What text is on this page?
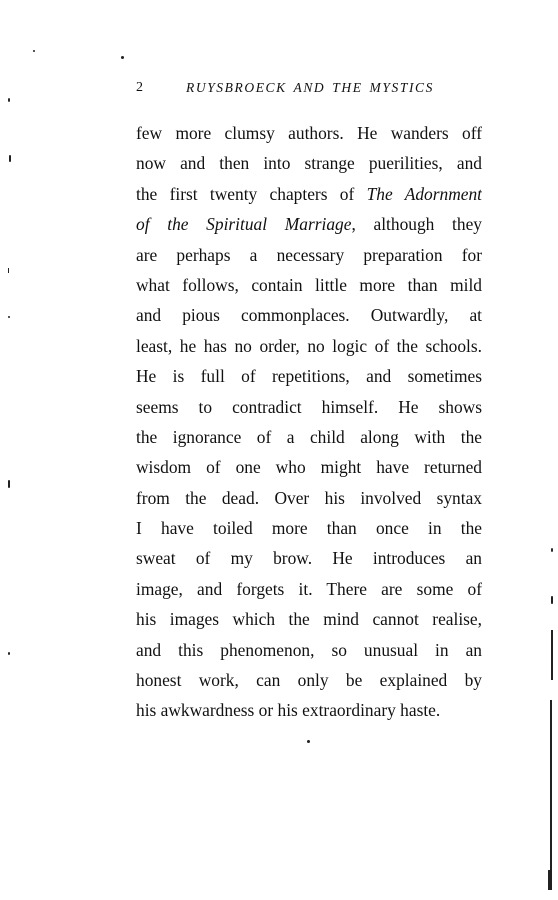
2	RUYSBROECK AND THE MYSTICS
few more clumsy authors. He wanders off
now and then into strange puerilities, and
the first twenty chapters of The Adornment
of the Spiritual Marriage, although they
are perhaps a necessary preparation for
what follows, contain little more than mild
and pious commonplaces. Outwardly, at
least, he has no order, no logic of the schools.
He is full of repetitions, and sometimes
seems to contradict himself. He shows
the ignorance of a child along with the
wisdom of one who might have returned
from the dead. Over his involved syntax
I have toiled more than once in the
sweat of my brow. He introduces an
image, and forgets it. There are some of
his images which the mind cannot realise,
and this phenomenon, so unusual in an
honest work, can only be explained by
his awkwardness or his extraordinary haste.
